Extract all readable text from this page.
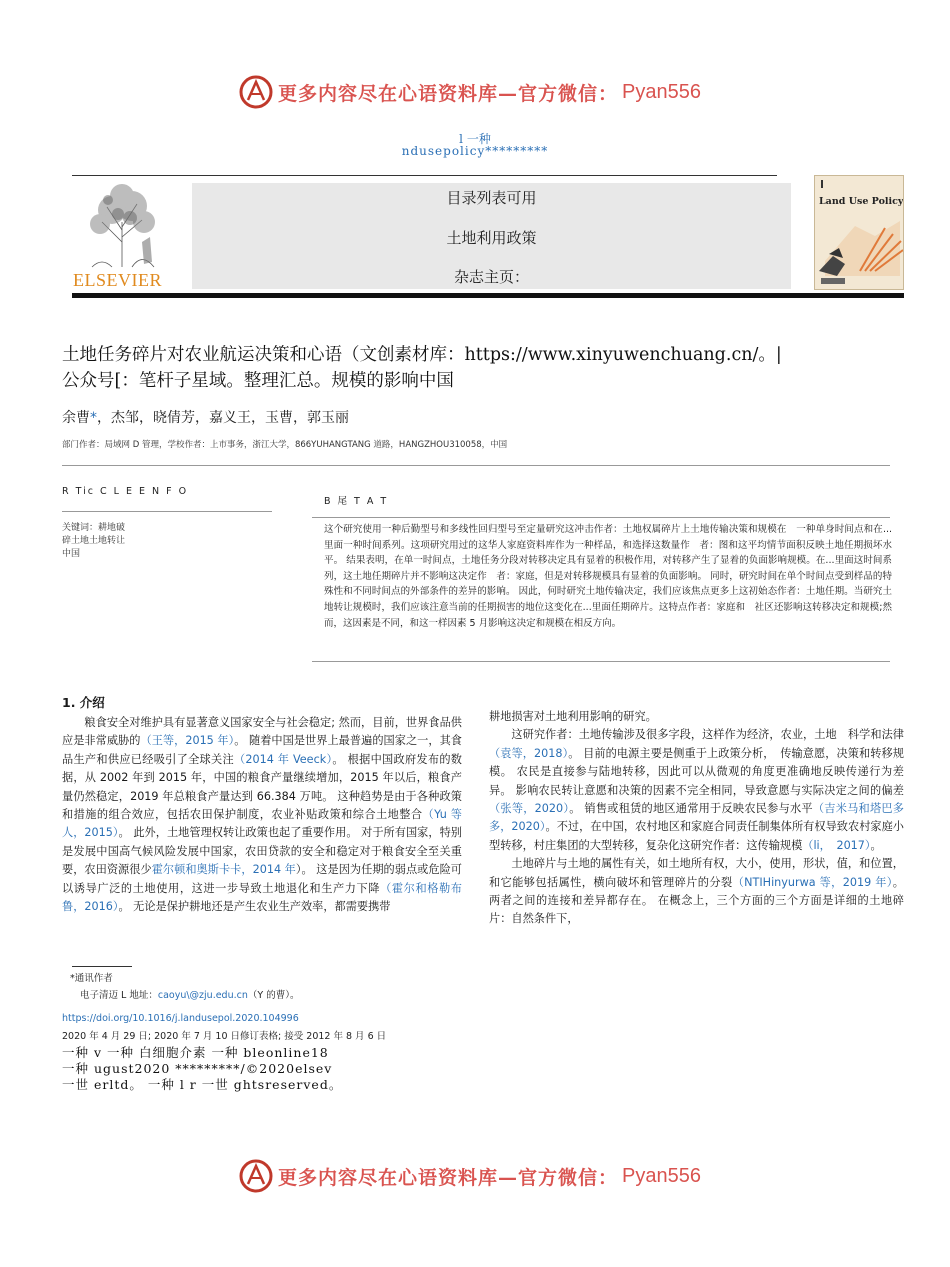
更多内容尽在心语资料库—官方微信： Pyan556
l 一种
ndusepolicy*********
ELSEVIER
目录列表可用
土地利用政策
杂志主页：
Land Use Policy
土地任务碎片对农业航运决策和心语（文创素材库：https://www.xinyuwenchuang.cn/。|
公众号[：笔杆子星域。整理汇总。规模的影响中国
余曹*，杰邹，晓倩芳，嘉义王，玉曹，郭玉丽
部门作者：局域网 D 管理，学校作者：上市事务，浙江大学，866YUHANGTANG 道路，HANGZHOU310058，中国
R Tic C L E E N F O
关键词：耕地破
碎土地土地转让
中国
B 尾 T A T
这个研究使用一种后勤型号和多线性回归型号至定量研究这冲击作者：土地权属碎片上土地传输决策和规模在　一种单身时间点和在...里面一种时间系列。这项研究用过的这华人家庭资料库作为一种样品，和选择这数量作　者：图和这平均情节面积反映土地任期损坏水平。 结果表明，在单一时间点，土地任务分段对转移决定具有显着的积极作用，对转移产生了显着的负面影响规模。在...里面这时间系列，这土地任期碎片并不影响这决定作　者：家庭，但是对转移规模具有显着的负面影响。 同时，研究时间在单个时间点受到样品的特殊性和不同时间点的外部条件的差异的影响。 因此，何时研究土地传输决定，我们应该焦点更多上这初始态作者：土地任期。当研究土地转让规模时，我们应该注意当前的任期损害的地位这变化在...里面任期碎片。这特点作者：家庭和　社区还影响这转移决定和规模;然而，这因素是不同，和这一样因素 5 月影响这决定和规模在相反方向。
1. 介绍

粮食安全对维护具有显著意义国家安全与社会稳定; 然而，目前，世界食品供应是非常威胁的（王等，2015 年）。 随着中国是世界上最普遍的国家之一，其食品生产和供应已经吸引了全球关注（2014 年 Veeck）。 根据中国政府发布的数据，从 2002 年到 2015 年，中国的粮食产量继续增加，2015 年以后，粮食产量仍然稳定，2019 年总粮食产量达到 66.384 万吨。 这种趋势是由于各种政策和措施的组合效应，包括农田保护制度，农业补贴政策和综合土地整合（Yu 等人，2015）。 此外，土地管理权转让政策也起了重要作用。 对于所有国家，特别是发展中国高气候风险发展中国家，农田贷款的安全和稳定对于粮食安全至关重要，农田资源很少霍尔顿和奥斯卡卡，2014 年）。 这是因为任期的弱点或危险可以诱导广泛的土地使用，这进一步导致土地退化和生产力下降（霍尔和格勒布鲁，2016）。 无论是保护耕地还是产生农业生产效率，都需要携带

耕地损害对土地利用影响的研究。

这研究作者：土地传输涉及很多字段，这样作为经济，农业，土地　科学和法律（袁等，2018）。 目前的电源主要是侧重于上政策分析，　传输意愿，决策和转移规模。 农民是直接参与陆地转移，因此可以从微观的角度更准确地反映传递行为差异。 影响农民转让意愿和决策的因素不完全相同，导致意愿与实际决定之间的偏差（张等，2020）。 销售或租赁的地区通常用于反映农民参与水平（吉米马和塔巴多多，2020）。不过，在中国，农村地区和家庭合同责任制集体所有权导致农村家庭小　型转移，村庄集团的大型转移，复杂化这研究作者：这传输规模（li，　2017）。

土地碎片与土地的属性有关，如土地所有权，大小，使用，形状，值，和位置，和它能够包括属性，横向破坏和管理碎片的分裂（NTIHinyurwa 等，2019 年）。 两者之间的连接和差异都存在。 在概念上，三个方面的三个方面是详细的土地碎片：自然条件下，

*通讯作者
电子清迈 L 地址：caoyu\@zju.edu.cn（Y 的曹）。
https://doi.org/10.1016/j.landusepol.2020.104996
2020 年 4 月 29 日; 2020 年 7 月 10 日修订表格; 接受 2012 年 8 月 6 日
一种 v 一种 白细胞介素 一种 bleonline18
一种 ugust2020 *********/©2020elsev
一世 erltd。 一种 l r 一世 ghtsreserved。
更多内容尽在心语资料库—官方微信： Pyan556
